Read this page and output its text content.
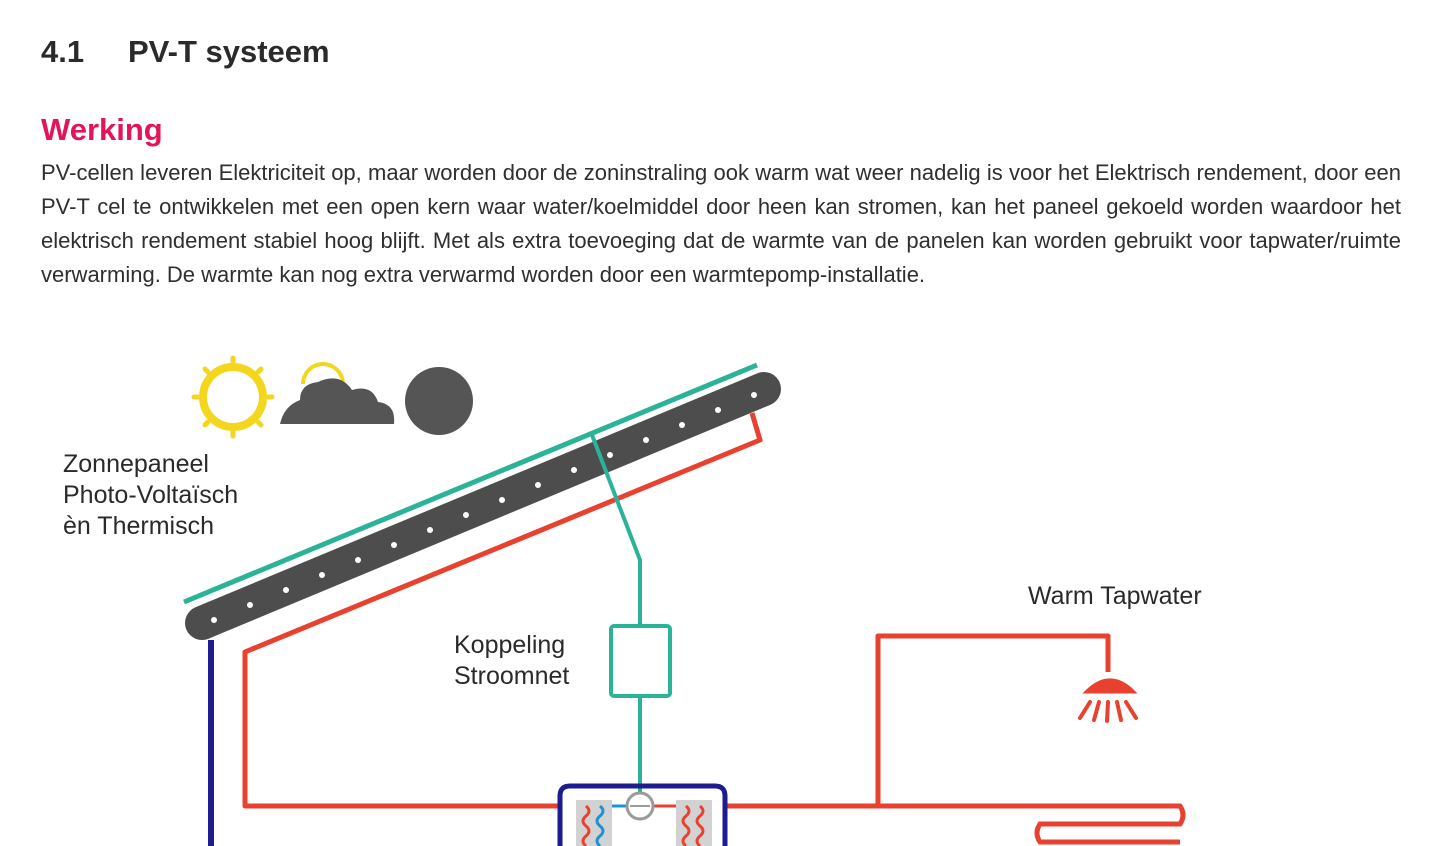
4.1 PV-T systeem
Werking

PV-cellen leveren Elektriciteit op, maar worden door de zoninstraling ook warm wat weer nadelig is voor het Elektrisch rendement, door een PV-T cel te ontwikkelen met een open kern waar water/koelmiddel door heen kan stromen, kan het paneel gekoeld worden waardoor het elektrisch rendement stabiel hoog blijft. Met als extra toevoeging dat de warmte van de panelen kan worden gebruikt voor tapwater/ruimte verwarming. De warmte kan nog extra verwarmd worden door een warmtepomp-installatie.

Zonnepaneel Photo-Voltaïsch èn Thermisch
Koppeling Stroomnet
Warm Tapwater
